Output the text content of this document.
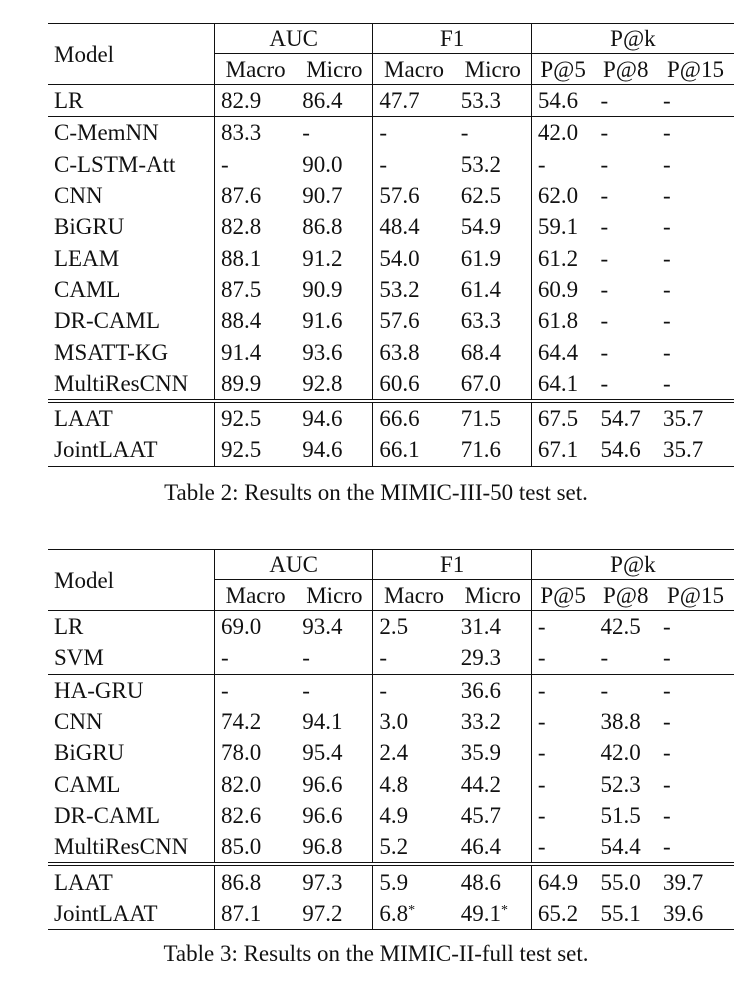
Model	AUC		F1		P@k		
	Macro	Micro	Macro	Micro	P@5	P@8	P@15
LR	82.9	86.4	47.7	53.3	54.6	-	-
C-MemNN	83.3	-	-	-	42.0	-	-
C-LSTM-Att	-	90.0	-	53.2	-	-	-
CNN	87.6	90.7	57.6	62.5	62.0	-	-
BiGRU	82.8	86.8	48.4	54.9	59.1	-	-
LEAM	88.1	91.2	54.0	61.9	61.2	-	-
CAML	87.5	90.9	53.2	61.4	60.9	-	-
DR-CAML	88.4	91.6	57.6	63.3	61.8	-	-
MSATT-KG	91.4	93.6	63.8	68.4	64.4	-	-
MultiResCNN	89.9	92.8	60.6	67.0	64.1	-	-
LAAT	92.5	94.6	66.6	71.5	67.5	54.7	35.7
JointLAAT	92.5	94.6	66.1	71.6	67.1	54.6	35.7
Table 2: Results on the MIMIC-III-50 test set.
Model	AUC		F1		P@k		
	Macro	Micro	Macro	Micro	P@5	P@8	P@15
LR	69.0	93.4	2.5	31.4	-	42.5	-
SVM	-	-	-	29.3	-	-	-
HA-GRU	-	-	-	36.6	-	-	-
CNN	74.2	94.1	3.0	33.2	-	38.8	-
BiGRU	78.0	95.4	2.4	35.9	-	42.0	-
CAML	82.0	96.6	4.8	44.2	-	52.3	-
DR-CAML	82.6	96.6	4.9	45.7	-	51.5	-
MultiResCNN	85.0	96.8	5.2	46.4	-	54.4	-
LAAT	86.8	97.3	5.9	48.6	64.9	55.0	39.7
JointLAAT	87.1	97.2	6.8*	49.1*	65.2	55.1	39.6
Table 3: Results on the MIMIC-II-full test set.
